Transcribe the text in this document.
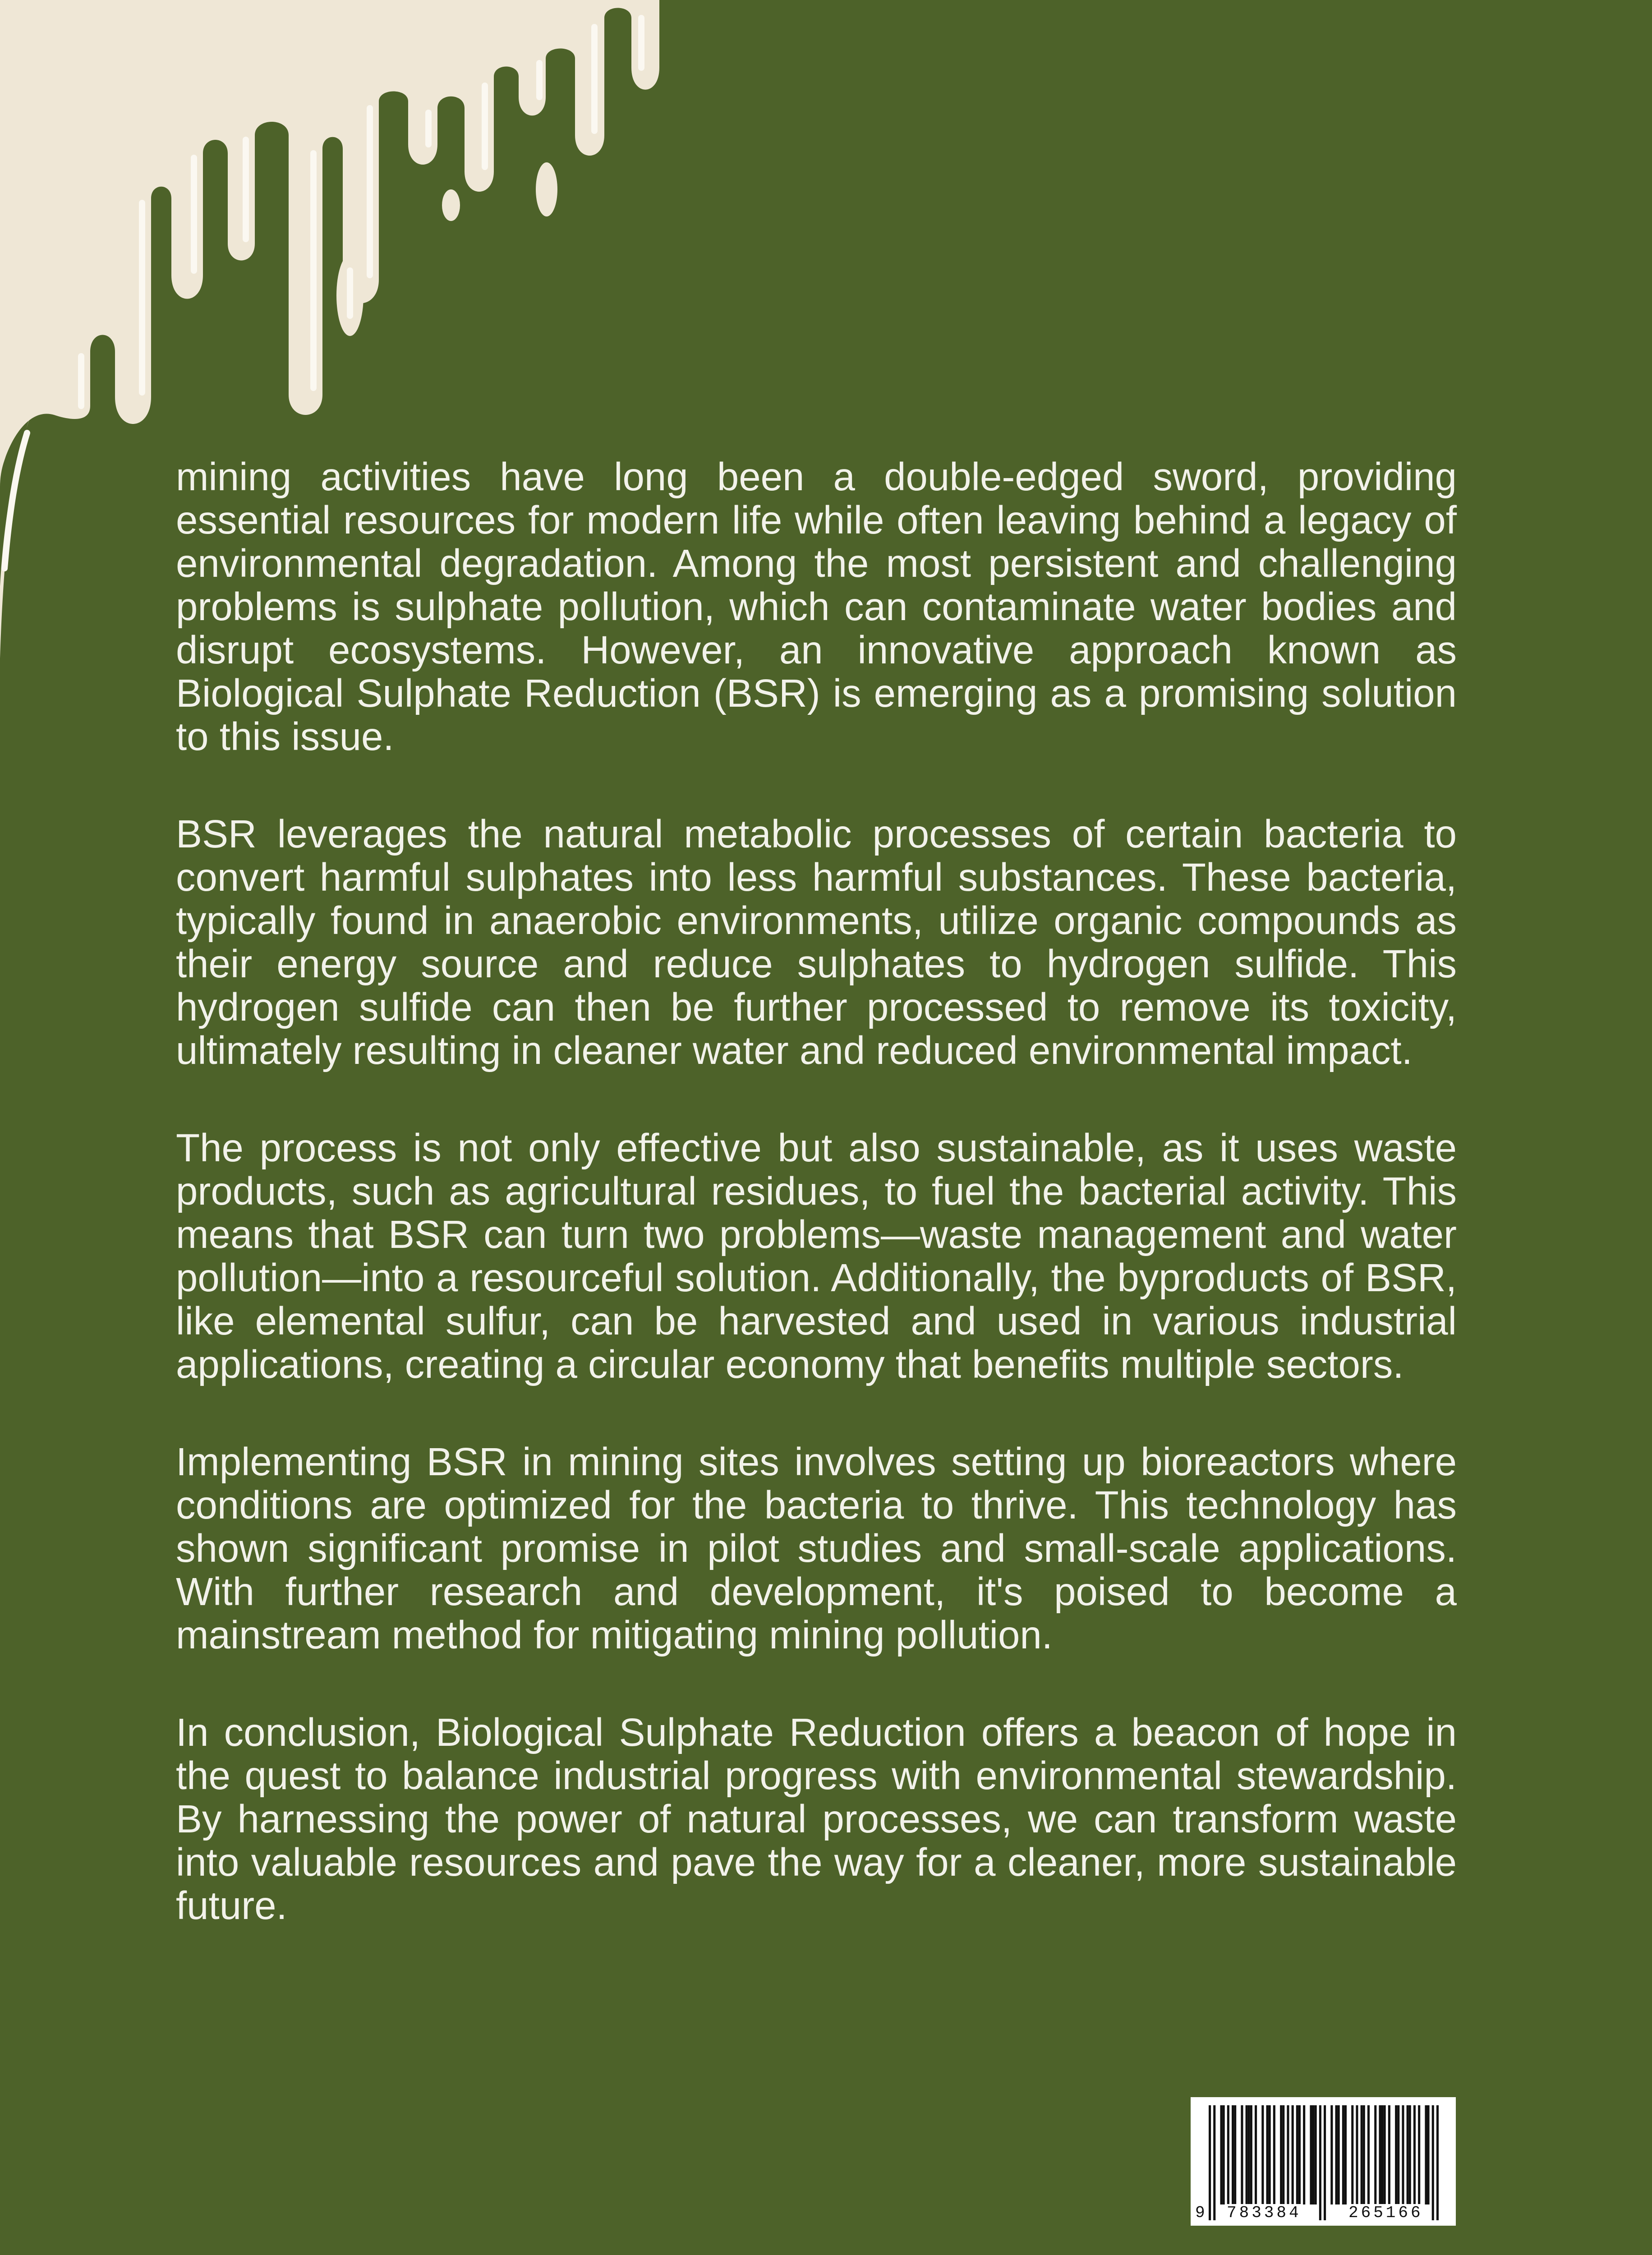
mining activities have long been a double-edged sword, providing essential resources for modern life while often leaving behind a legacy of environmental degradation. Among the most persistent and challenging problems is sulphate pollution, which can contaminate water bodies and disrupt ecosystems. However, an innovative approach known as Biological Sulphate Reduction (BSR) is emerging as a promising solution to this issue.

BSR leverages the natural metabolic processes of certain bacteria to convert harmful sulphates into less harmful substances. These bacteria, typically found in anaerobic environments, utilize organic compounds as their energy source and reduce sulphates to hydrogen sulfide. This hydrogen sulfide can then be further processed to remove its toxicity, ultimately resulting in cleaner water and reduced environmental impact.

The process is not only effective but also sustainable, as it uses waste products, such as agricultural residues, to fuel the bacterial activity. This means that BSR can turn two problems—waste management and water pollution—into a resourceful solution. Additionally, the byproducts of BSR, like elemental sulfur, can be harvested and used in various industrial applications, creating a circular economy that benefits multiple sectors.

Implementing BSR in mining sites involves setting up bioreactors where conditions are optimized for the bacteria to thrive. This technology has shown significant promise in pilot studies and small-scale applications. With further research and development, it's poised to become a mainstream method for mitigating mining pollution.

In conclusion, Biological Sulphate Reduction offers a beacon of hope in the quest to balance industrial progress with environmental stewardship. By harnessing the power of natural processes, we can transform waste into valuable resources and pave the way for a cleaner, more sustainable future.

9 783384	265166
